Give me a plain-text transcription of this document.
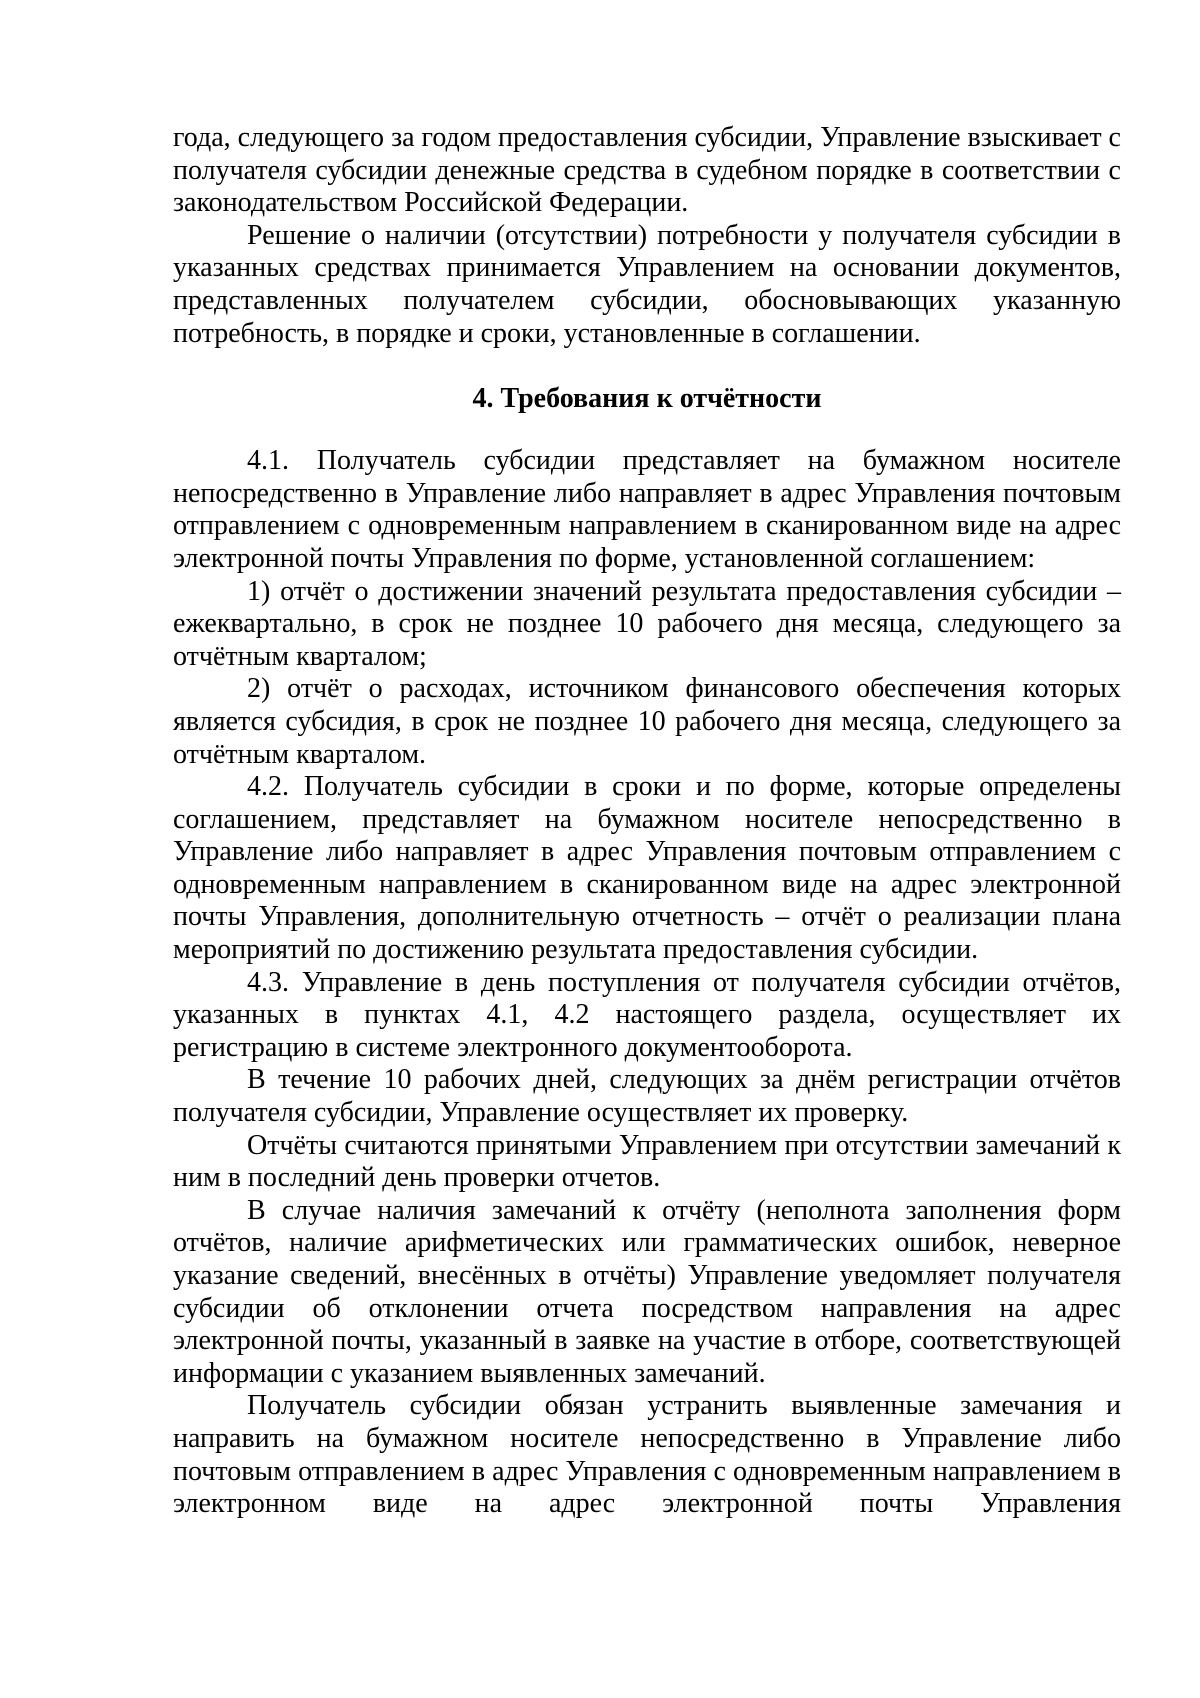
года, следующего за годом предоставления субсидии, Управление взыскивает с получателя субсидии денежные средства в судебном порядке в соответствии с законодательством Российской Федерации.

Решение о наличии (отсутствии) потребности у получателя субсидии в указанных средствах принимается Управлением на основании документов, представленных получателем субсидии, обосновывающих указанную потребность, в порядке и сроки, установленные в соглашении.

4. Требования к отчётности

4.1. Получатель субсидии представляет на бумажном носителе непосредственно в Управление либо направляет в адрес Управления почтовым отправлением с одновременным направлением в сканированном виде на адрес электронной почты Управления по форме, установленной соглашением:

1) отчёт о достижении значений результата предоставления субсидии – ежеквартально, в срок не позднее 10 рабочего дня месяца, следующего за отчётным кварталом;

2) отчёт о расходах, источником финансового обеспечения которых является субсидия, в срок не позднее 10 рабочего дня месяца, следующего за отчётным кварталом.

4.2. Получатель субсидии в сроки и по форме, которые определены соглашением, представляет на бумажном носителе непосредственно в Управление либо направляет в адрес Управления почтовым отправлением с одновременным направлением в сканированном виде на адрес электронной почты Управления, дополнительную отчетность – отчёт о реализации плана мероприятий по достижению результата предоставления субсидии.

4.3. Управление в день поступления от получателя субсидии отчётов, указанных в пунктах 4.1, 4.2 настоящего раздела, осуществляет их регистрацию в системе электронного документооборота.

В течение 10 рабочих дней, следующих за днём регистрации отчётов получателя субсидии, Управление осуществляет их проверку.

Отчёты считаются принятыми Управлением при отсутствии замечаний к ним в последний день проверки отчетов.

В случае наличия замечаний к отчёту (неполнота заполнения форм отчётов, наличие арифметических или грамматических ошибок, неверное указание сведений, внесённых в отчёты) Управление уведомляет получателя субсидии об отклонении отчета посредством направления на адрес электронной почты, указанный в заявке на участие в отборе, соответствующей информации с указанием выявленных замечаний.

Получатель субсидии обязан устранить выявленные замечания и направить на бумажном носителе непосредственно в Управление либо почтовым отправлением в адрес Управления с одновременным направлением в электронном виде на адрес электронной почты Управления
